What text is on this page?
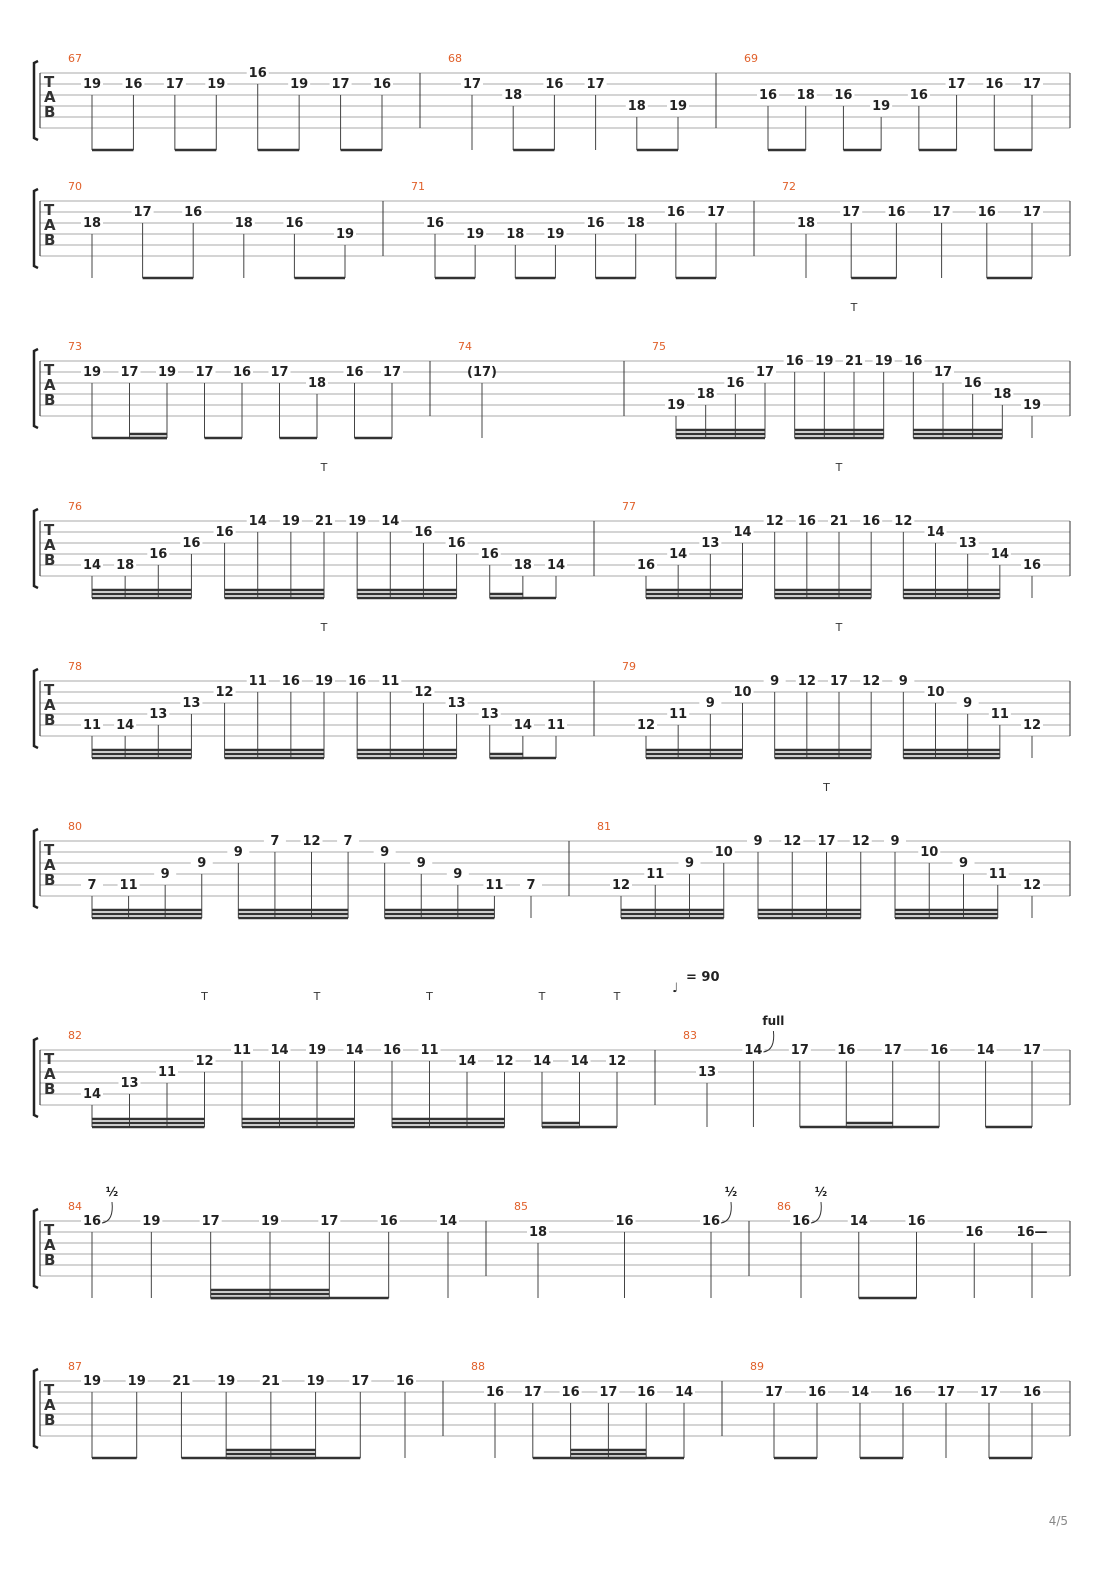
T
A
B
67
19 16 17 19
16
19 17 16
68
17
18
16 17
18 19
69
16 18 16
19
16
17 16 17
T
A
B
70
18
17	16
18	16
19
71
16
19 18 19
16 18
16 17
72
18
17 16 17 16 17
T
A
B
73
19 17 19 17 16 17
18
16 17
74
(17)
75
19
18
16
17
16 19 21 19 16
17
16
18
19
T
T
A
B
76
14 18
16
16
16
14 19 21 19 14
16
16
16
18 14
T
77
16
14
13
14
12 16 21 16 12
14
13
14
16
T
T
A
B
78
11 14
13
13
12
11 16 19 16 11
12
13
13
14 11
T
79
12
11
9
10
9 12 17 12 9
10
9
11
12
T
T
A
B
80
7 11
9
9
9
7 12 7
9
9
9
11 7
81
12
11
9
10
9 12 17 12 9
10
9
11
12
T
T
A
B
82
14
13
11
12
11 14 19 14 16 11
14 12 14 14 12
T	T	T	T	T
83
13
14 17 16 17 16 14 17
full
♩
= 90
T
A
B
84
16	19	17	19	17	16	14
½
85
18
16	16
½
86
16	14	16
16	16—
½
T
A
B
87
19 19 21 19 21 19 17 16
88
16 17 16 17 16 14
89
17 16 14 16 17 17 16
4/5
